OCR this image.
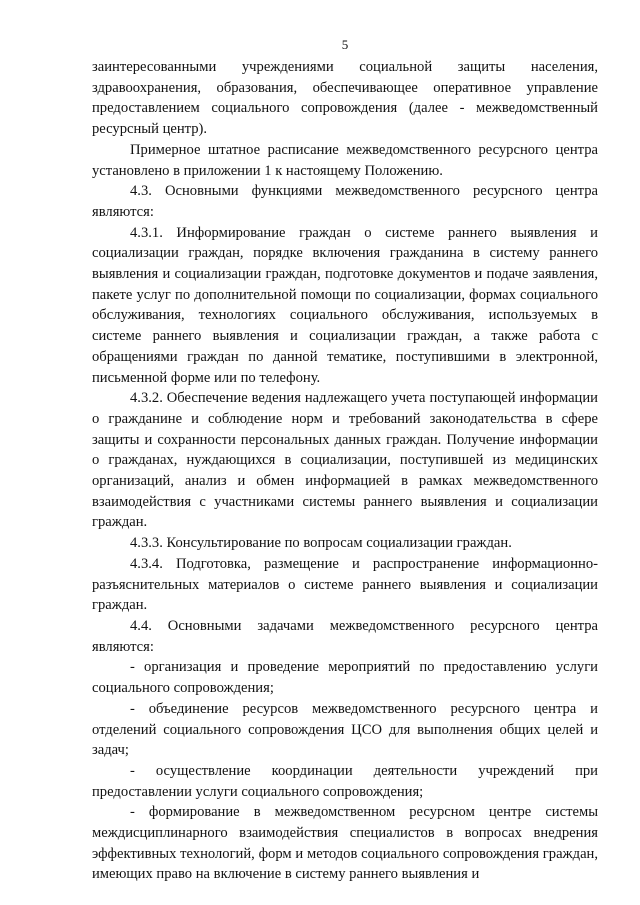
5

заинтересованными учреждениями социальной защиты населения, здравоохранения, образования, обеспечивающее оперативное управление предоставлением социального сопровождения (далее - межведомственный ресурсный центр).

Примерное штатное расписание межведомственного ресурсного центра установлено в приложении 1 к настоящему Положению.

4.3. Основными функциями межведомственного ресурсного центра являются:

4.3.1. Информирование граждан о системе раннего выявления и социализации граждан, порядке включения гражданина в систему раннего выявления и социализации граждан, подготовке документов и подаче заявления, пакете услуг по дополнительной помощи по социализации, формах социального обслуживания, технологиях социального обслуживания, используемых в системе раннего выявления и социализации граждан, а также работа с обращениями граждан по данной тематике, поступившими в электронной, письменной форме или по телефону.

4.3.2. Обеспечение ведения надлежащего учета поступающей информации о гражданине и соблюдение норм и требований законодательства в сфере защиты и сохранности персональных данных граждан. Получение информации о гражданах, нуждающихся в социализации, поступившей из медицинских организаций, анализ и обмен информацией в рамках межведомственного взаимодействия с участниками системы раннего выявления и социализации граждан.

4.3.3. Консультирование по вопросам социализации граждан.

4.3.4. Подготовка, размещение и распространение информационно-разъяснительных материалов о системе раннего выявления и социализации граждан.

4.4. Основными задачами межведомственного ресурсного центра являются:

- организация и проведение мероприятий по предоставлению услуги социального сопровождения;

- объединение ресурсов межведомственного ресурсного центра и отделений социального сопровождения ЦСО для выполнения общих целей и задач;

- осуществление координации деятельности учреждений при предоставлении услуги социального сопровождения;

- формирование в межведомственном ресурсном центре системы междисциплинарного взаимодействия специалистов в вопросах внедрения эффективных технологий, форм и методов социального сопровождения граждан, имеющих право на включение в систему раннего выявления и
